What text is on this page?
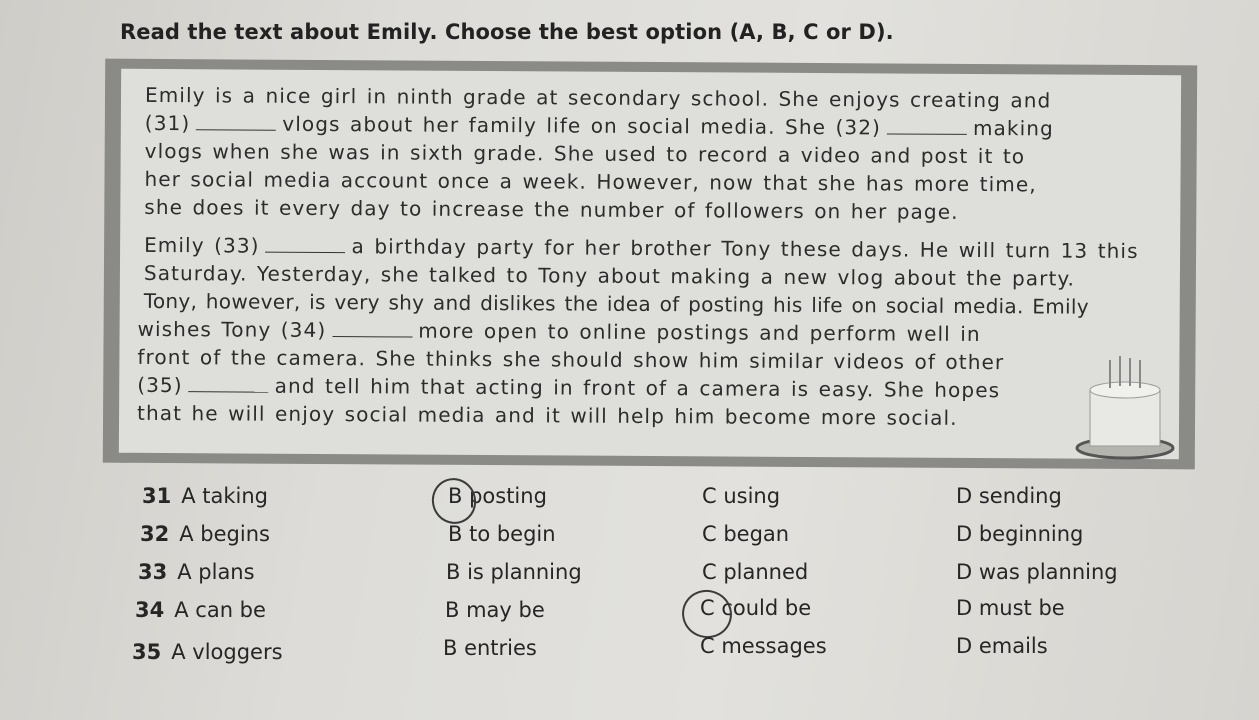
Read the text about Emily. Choose the best option (A, B, C or D).
Emily is a nice girl in ninth grade at secondary school. She enjoys creating and
(31)	vlogs about her family life on social media. She (32)	making
vlogs when she was in sixth grade. She used to record a video and post it to
her social media account once a week. However, now that she has more time,
she does it every day to increase the number of followers on her page.
Emily (33)	a birthday party for her brother Tony these days. He will turn 13 this
Saturday. Yesterday, she talked to Tony about making a new vlog about the party.
Tony, however, is very shy and dislikes the idea of posting his life on social media. Emily
wishes Tony (34)	more open to online postings and perform well in
front of the camera. She thinks she should show him similar videos of other
(35)	and tell him that acting in front of a camera is easy. She hopes
that he will enjoy social media and it will help him become more social.
31 A taking	B posting	C using	D sending
32 A begins	B to begin	C began	D beginning
33 A plans	B is planning	C planned	D was planning
34 A can be	B may be	C could be	D must be
35 A vloggers	B entries	C messages	D emails
